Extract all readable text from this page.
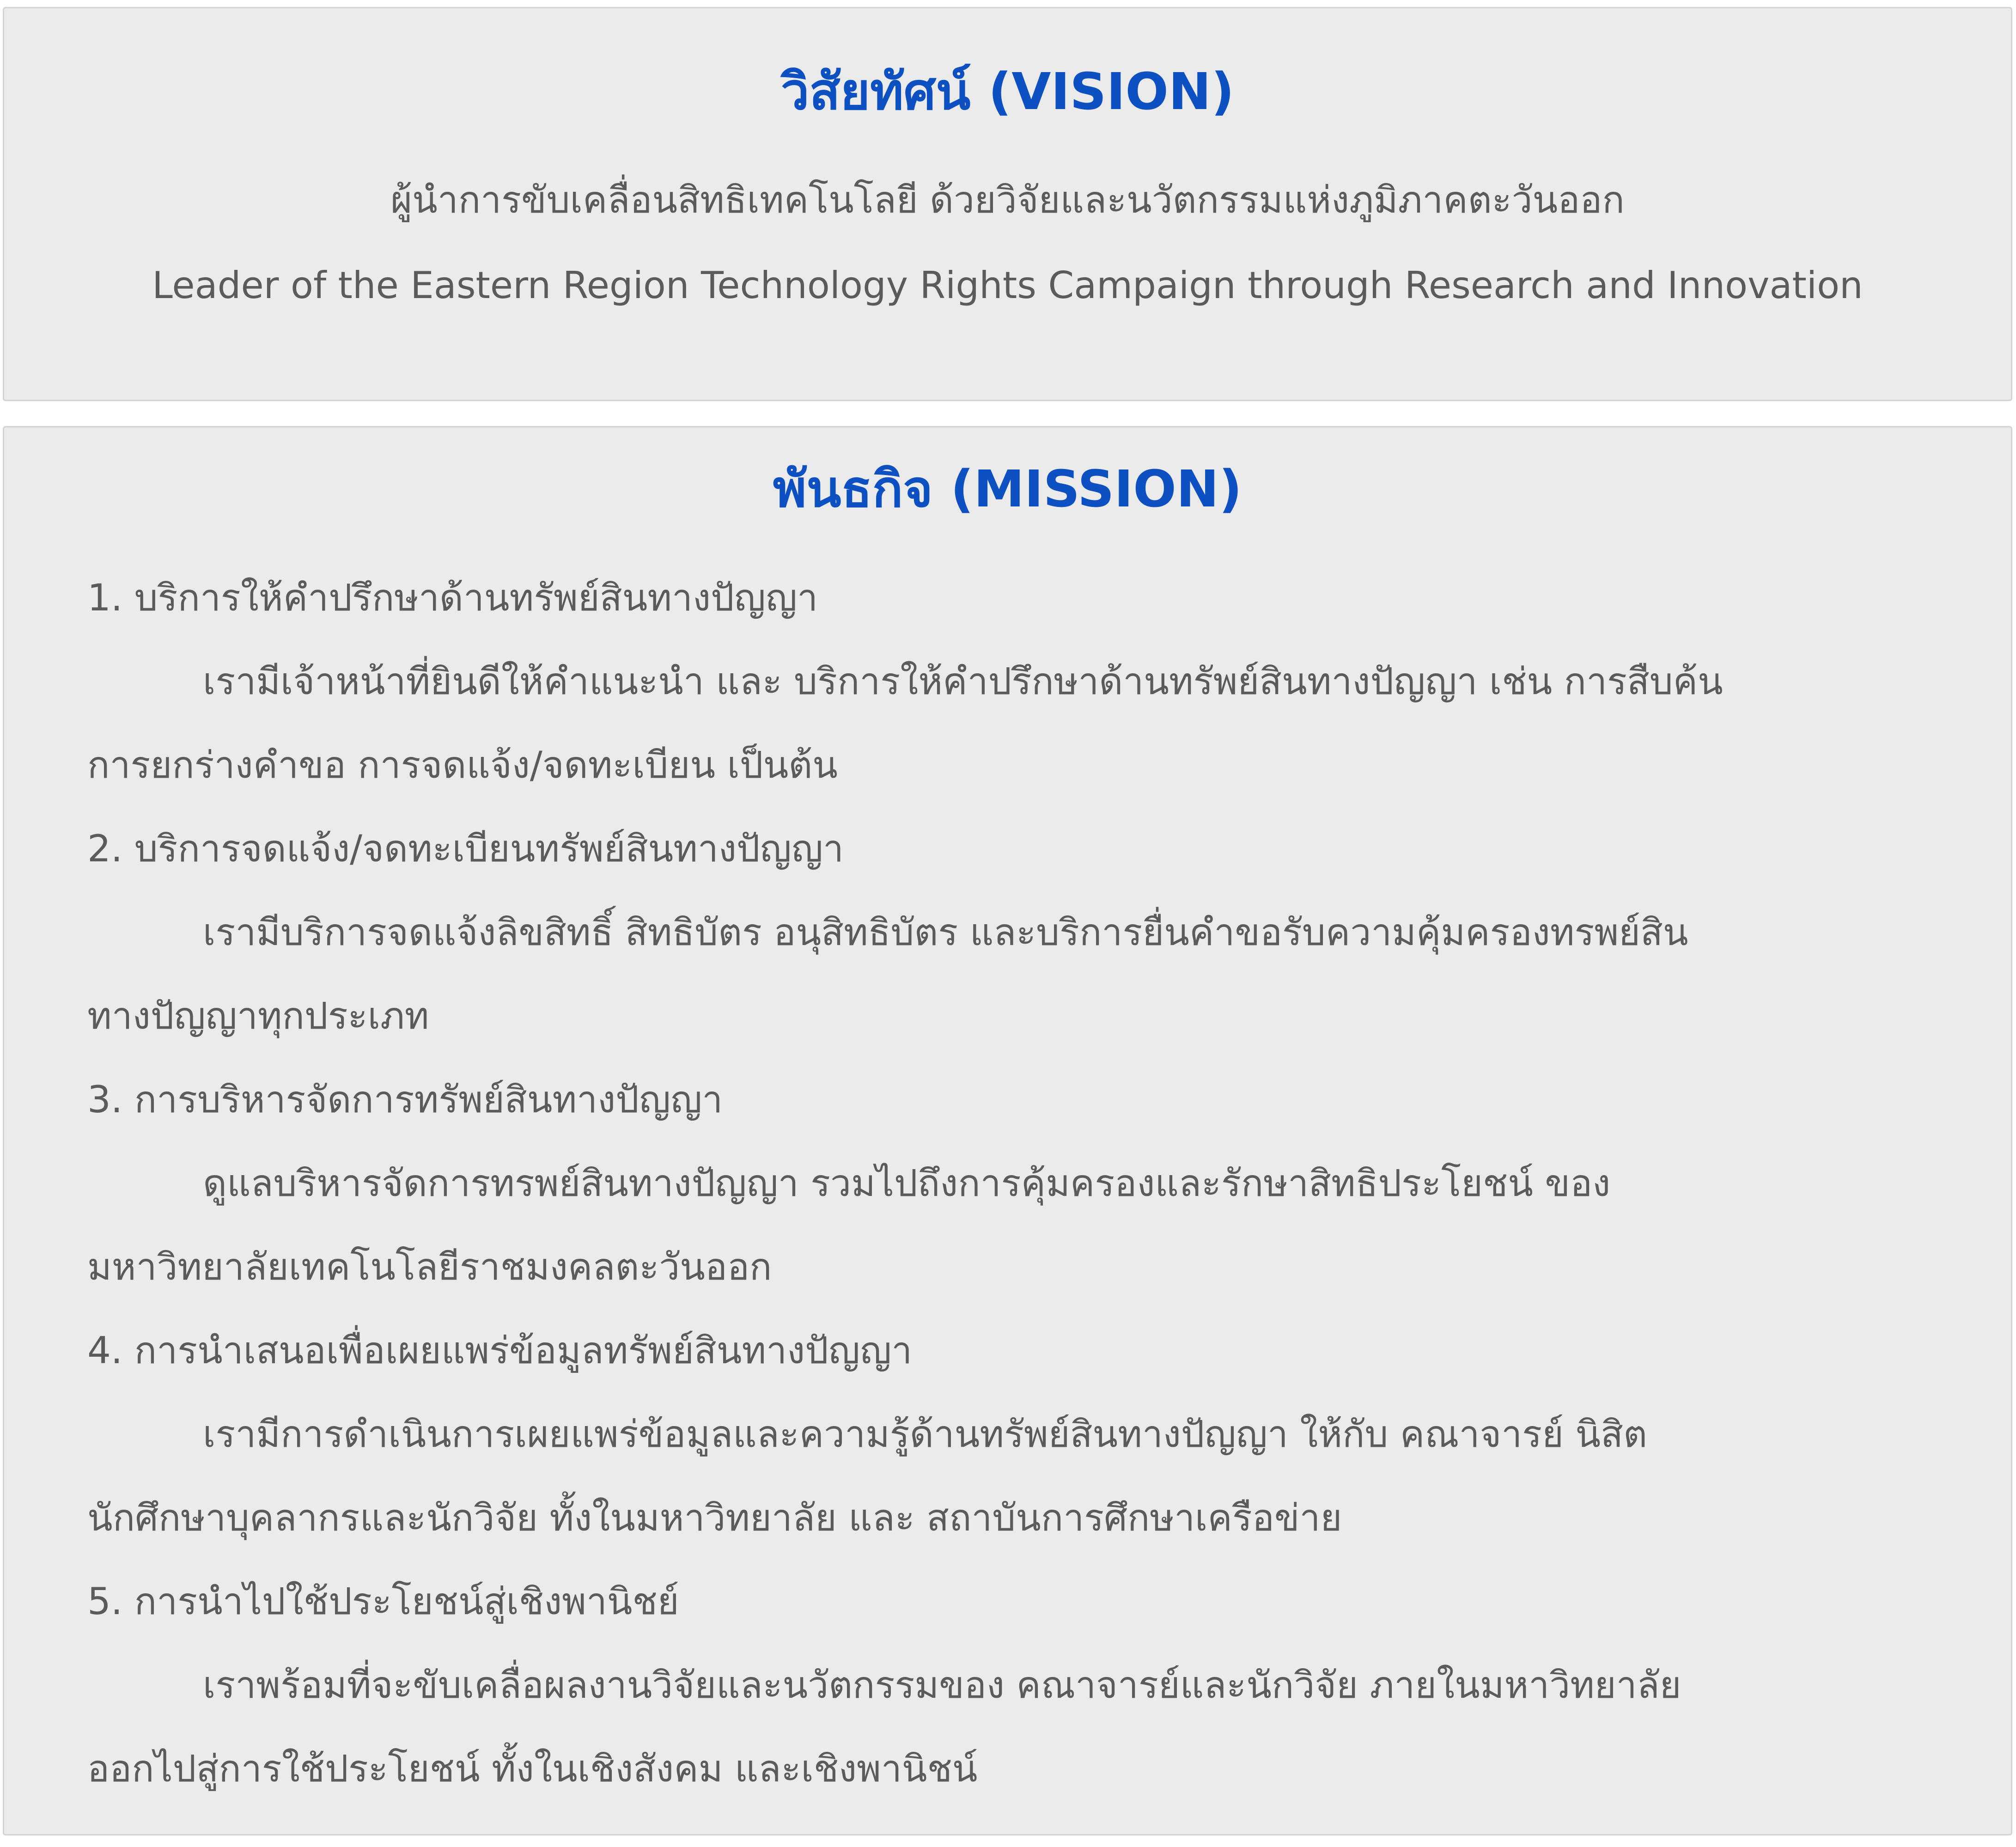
วิสัยทัศน์ (VISION)
ผู้นำการขับเคลื่อนสิทธิเทคโนโลยี ด้วยวิจัยและนวัตกรรมแห่งภูมิภาคตะวันออก
Leader of the Eastern Region Technology Rights Campaign through Research and Innovation
พันธกิจ (MISSION)
1. บริการให้คำปรึกษาด้านทรัพย์สินทางปัญญา
เรามีเจ้าหน้าที่ยินดีให้คำแนะนำ และ บริการให้คำปรึกษาด้านทรัพย์สินทางปัญญา เช่น การสืบค้น
การยกร่างคำขอ การจดแจ้ง/จดทะเบียน เป็นต้น
2. บริการจดแจ้ง/จดทะเบียนทรัพย์สินทางปัญญา
เรามีบริการจดแจ้งลิขสิทธิ์ สิทธิบัตร อนุสิทธิบัตร และบริการยื่นคำขอรับความคุ้มครองทรพย์สิน
ทางปัญญาทุกประเภท
3. การบริหารจัดการทรัพย์สินทางปัญญา
ดูแลบริหารจัดการทรพย์สินทางปัญญา รวมไปถึงการคุ้มครองและรักษาสิทธิประโยชน์ ของ
มหาวิทยาลัยเทคโนโลยีราชมงคลตะวันออก
4. การนำเสนอเพื่อเผยแพร่ข้อมูลทรัพย์สินทางปัญญา
เรามีการดำเนินการเผยแพร่ข้อมูลและความรู้ด้านทรัพย์สินทางปัญญา ให้กับ คณาจารย์ นิสิต
นักศึกษาบุคลากรและนักวิจัย ทั้งในมหาวิทยาลัย และ สถาบันการศึกษาเครือข่าย
5. การนำไปใช้ประโยชน์สู่เชิงพานิชย์
เราพร้อมที่จะขับเคลื่อผลงานวิจัยและนวัตกรรมของ คณาจารย์และนักวิจัย ภายในมหาวิทยาลัย
ออกไปสู่การใช้ประโยชน์ ทั้งในเชิงสังคม และเชิงพานิชน์
